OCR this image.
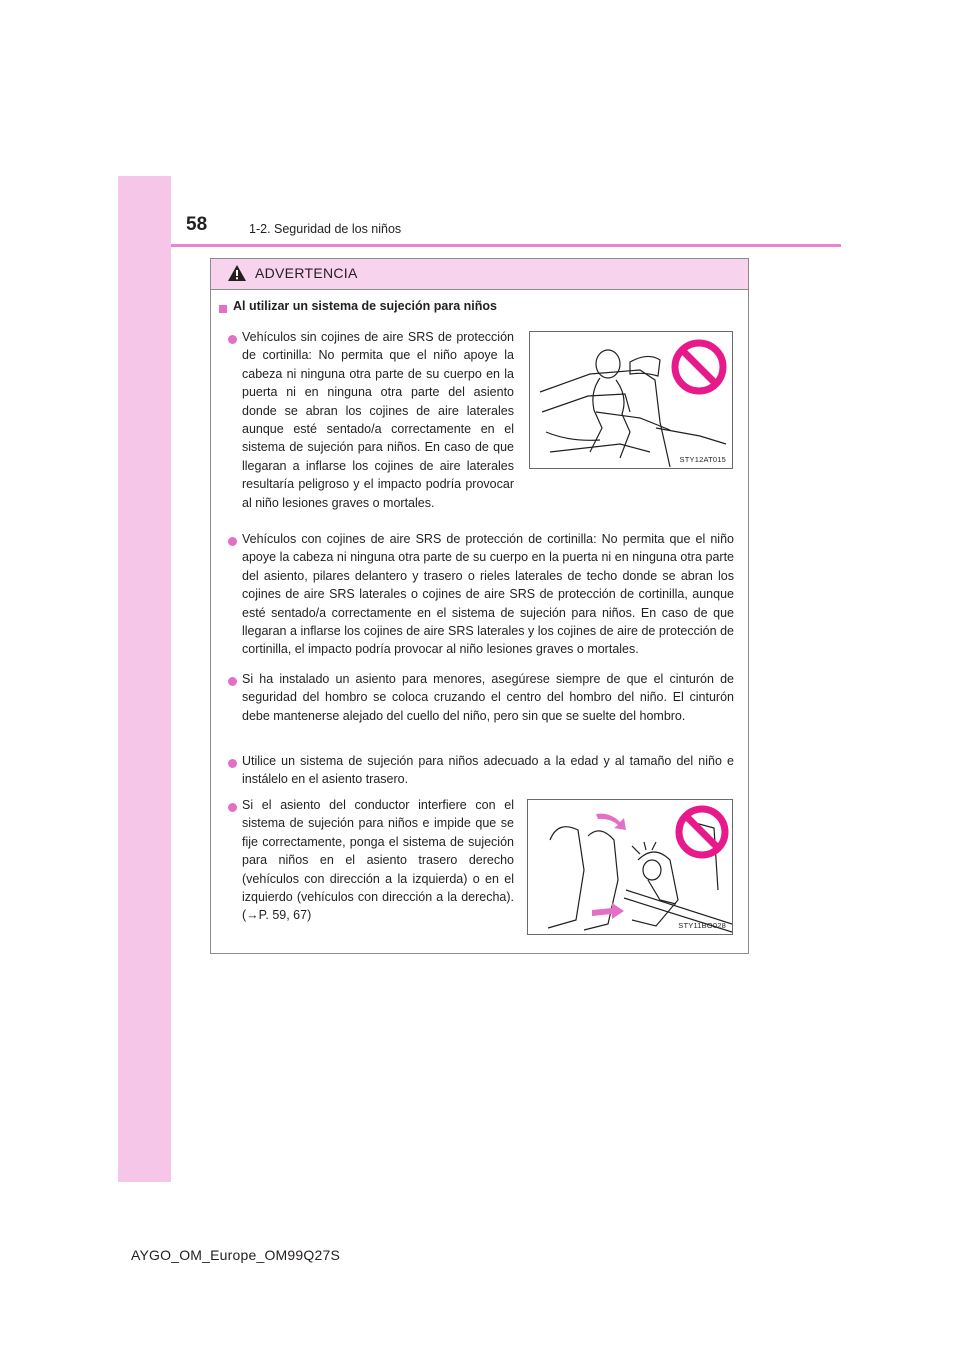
58	1-2. Seguridad de los niños
ADVERTENCIA
Al utilizar un sistema de sujeción para niños
Vehículos sin cojines de aire SRS de protección de cortinilla: No permita que el niño apoye la cabeza ni ninguna otra parte de su cuerpo en la puerta ni en ninguna otra parte del asiento donde se abran los cojines de aire laterales aunque esté sentado/a correctamente en el sistema de sujeción para niños. En caso de que llegaran a inflarse los cojines de aire laterales resultaría peligroso y el impacto podría provocar al niño lesiones graves o mortales.
STY12AT015
Vehículos con cojines de aire SRS de protección de cortinilla: No permita que el niño apoye la cabeza ni ninguna otra parte de su cuerpo en la puerta ni en ninguna otra parte del asiento, pilares delantero y trasero o rieles laterales de techo donde se abran los cojines de aire SRS laterales o cojines de aire SRS de protección de cortinilla, aunque esté sentado/a correctamente en el sistema de sujeción para niños. En caso de que llegaran a inflarse los cojines de aire SRS laterales y los cojines de aire de protección de cortinilla, el impacto podría provocar al niño lesiones graves o mortales.
Si ha instalado un asiento para menores, asegúrese siempre de que el cinturón de seguridad del hombro se coloca cruzando el centro del hombro del niño. El cinturón debe mantenerse alejado del cuello del niño, pero sin que se suelte del hombro.
Utilice un sistema de sujeción para niños adecuado a la edad y al tamaño del niño e instálelo en el asiento trasero.
Si el asiento del conductor interfiere con el sistema de sujeción para niños e impide que se fije correctamente, ponga el sistema de sujeción para niños en el asiento trasero derecho (vehículos con dirección a la izquierda) o en el izquierdo (vehículos con dirección a la derecha). (→P. 59, 67)
STY11BO028
AYGO_OM_Europe_OM99Q27S
